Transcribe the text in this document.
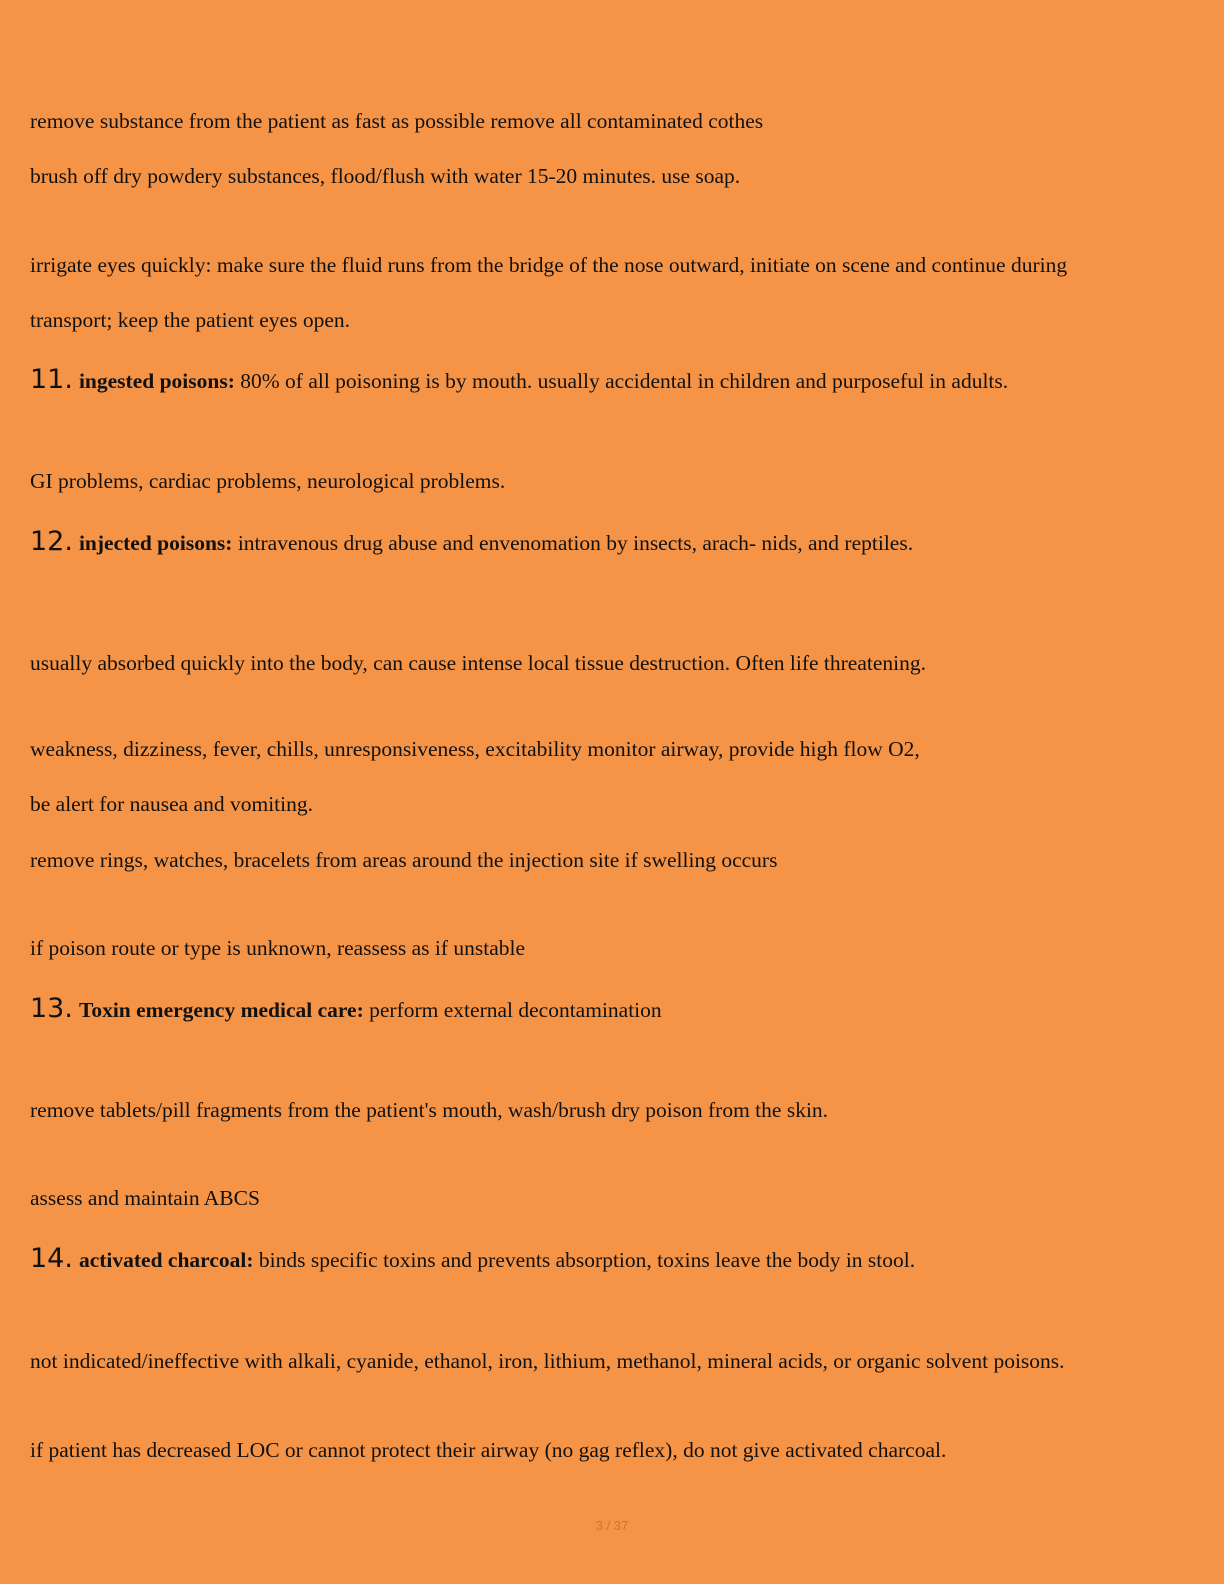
remove substance from the patient as fast as possible remove all contaminated cothes
brush off dry powdery substances, flood/flush with water 15-20 minutes. use soap.
irrigate eyes quickly: make sure the fluid runs from the bridge of the nose outward, initiate on scene and continue during
transport; keep the patient eyes open.
11. ingested poisons: 80% of all poisoning is by mouth. usually accidental in children and purposeful in adults.
GI problems, cardiac problems, neurological problems.
12. injected poisons: intravenous drug abuse and envenomation by insects, arach- nids, and reptiles.
usually absorbed quickly into the body, can cause intense local tissue destruction. Often life threatening.
weakness, dizziness, fever, chills, unresponsiveness, excitability monitor airway, provide high flow O2,
be alert for nausea and vomiting.
remove rings, watches, bracelets from areas around the injection site if swelling occurs
if poison route or type is unknown, reassess as if unstable
13. Toxin emergency medical care: perform external decontamination
remove tablets/pill fragments from the patient's mouth, wash/brush dry poison from the skin.
assess and maintain ABCS
14. activated charcoal: binds specific toxins and prevents absorption, toxins leave the body in stool.
not indicated/ineffective with alkali, cyanide, ethanol, iron, lithium, methanol, mineral acids, or organic solvent poisons.
if patient has decreased LOC or cannot protect their airway (no gag reflex), do not give activated charcoal.
3 / 37
